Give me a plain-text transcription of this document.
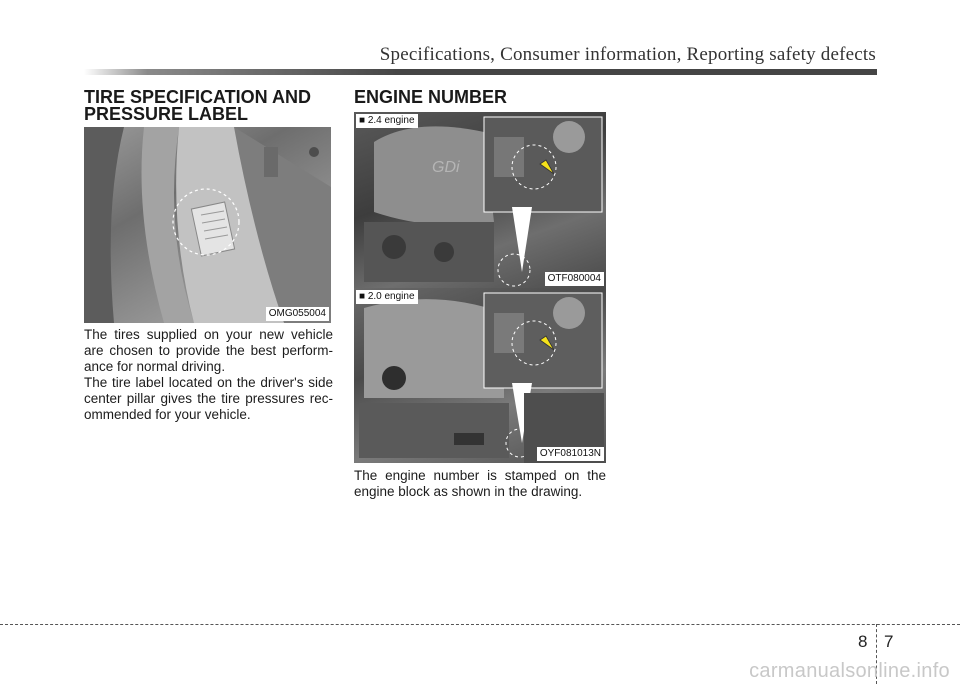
Specifications, Consumer information, Reporting safety defects
TIRE SPECIFICATION AND PRESSURE LABEL
OMG055004

The tires supplied on your new vehicle are chosen to provide the best perform-ance for normal driving.

The tire label located on the driver's side center pillar gives the tire pressures rec-ommended for your vehicle.

ENGINE NUMBER
GDi
■ 2.4 engine
OTF080004
■ 2.0 engine
OYF081013N

The engine number is stamped on the engine block as shown in the drawing.

8 7
carmanualsonline.info
